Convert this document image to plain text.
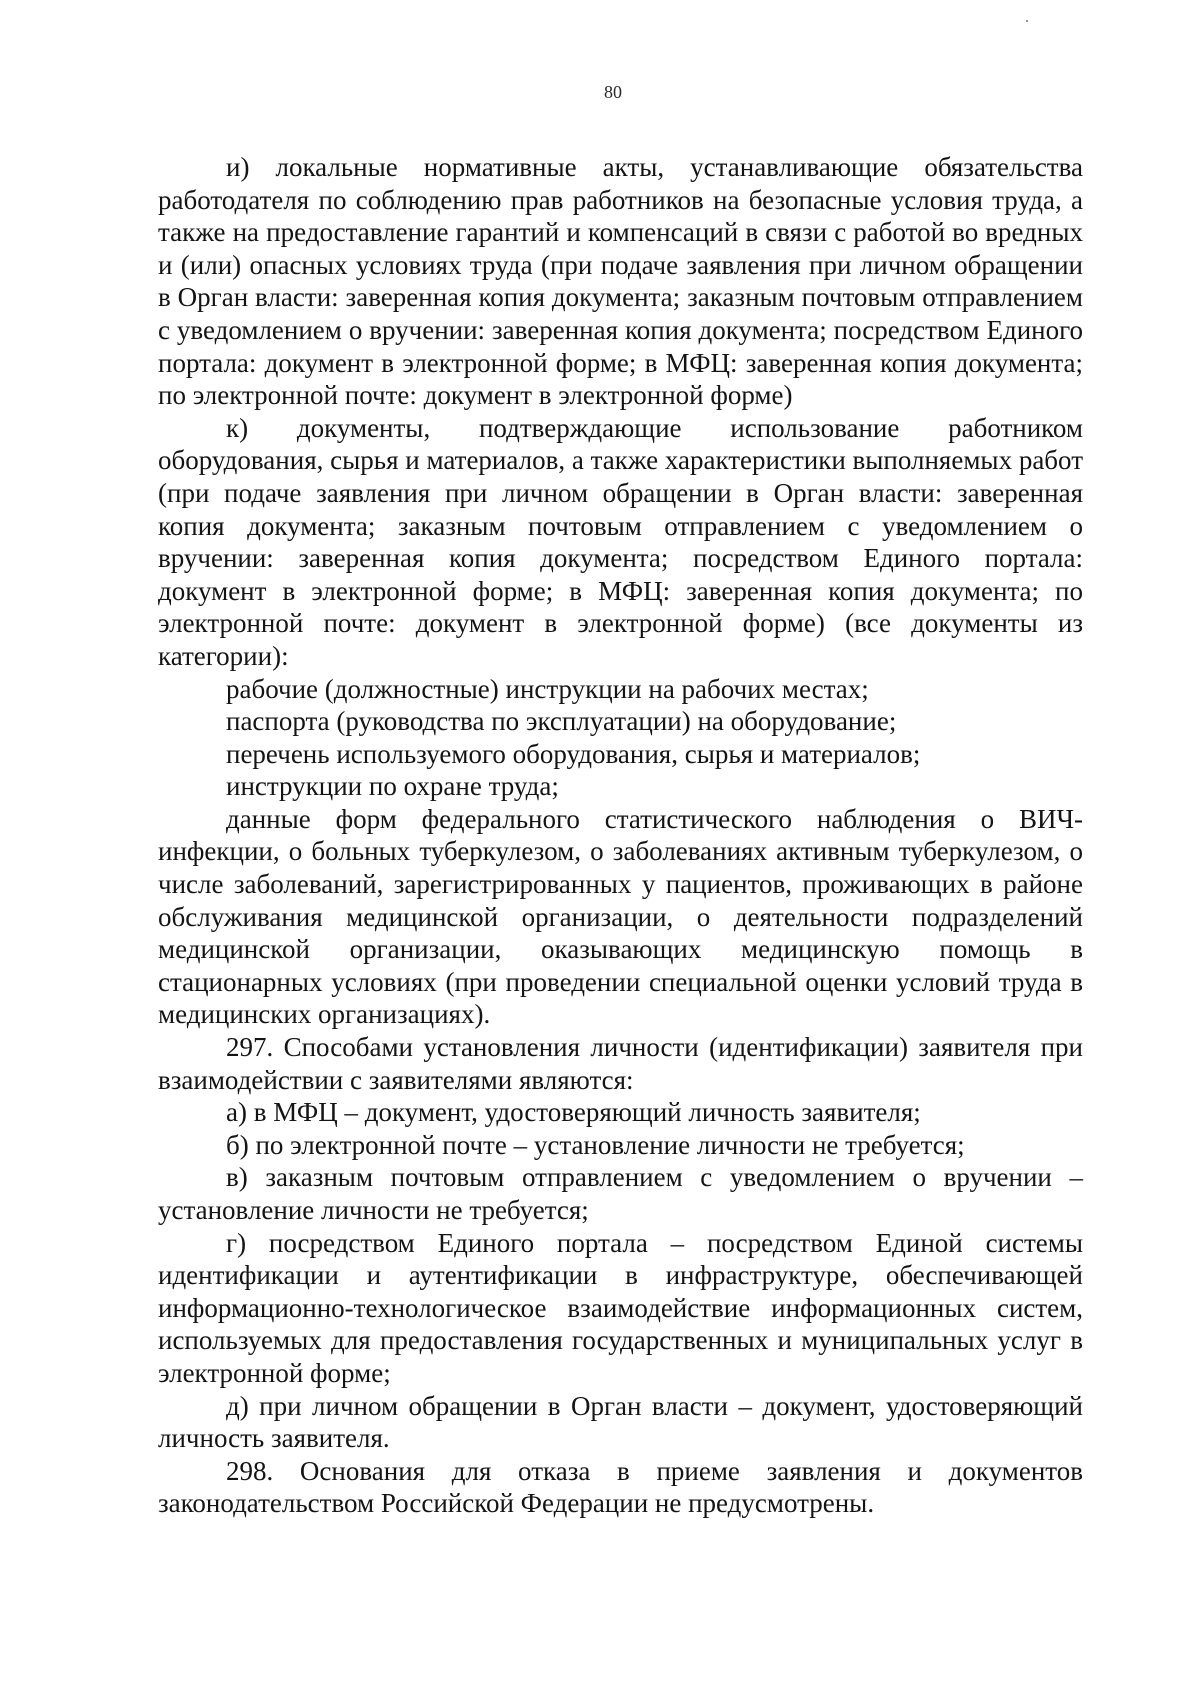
80

и) локальные нормативные акты, устанавливающие обязательства работодателя по соблюдению прав работников на безопасные условия труда, а также на предоставление гарантий и компенсаций в связи с работой во вредных и (или) опасных условиях труда (при подаче заявления при личном обращении в Орган власти: заверенная копия документа; заказным почтовым отправлением с уведомлением о вручении: заверенная копия документа; посредством Единого портала: документ в электронной форме; в МФЦ: заверенная копия документа; по электронной почте: документ в электронной форме)

к) документы, подтверждающие использование работником оборудования, сырья и материалов, а также характеристики выполняемых работ (при подаче заявления при личном обращении в Орган власти: заверенная копия документа; заказным почтовым отправлением с уведомлением о вручении: заверенная копия документа; посредством Единого портала: документ в электронной форме; в МФЦ: заверенная копия документа; по электронной почте: документ в электронной форме) (все документы из категории):

рабочие (должностные) инструкции на рабочих местах;

паспорта (руководства по эксплуатации) на оборудование;

перечень используемого оборудования, сырья и материалов;

инструкции по охране труда;

данные форм федерального статистического наблюдения о ВИЧ-инфекции, о больных туберкулезом, о заболеваниях активным туберкулезом, о числе заболеваний, зарегистрированных у пациентов, проживающих в районе обслуживания медицинской организации, о деятельности подразделений медицинской организации, оказывающих медицинскую помощь в стационарных условиях (при проведении специальной оценки условий труда в медицинских организациях).

297. Способами установления личности (идентификации) заявителя при взаимодействии с заявителями являются:

а) в МФЦ – документ, удостоверяющий личность заявителя;

б) по электронной почте – установление личности не требуется;

в) заказным почтовым отправлением с уведомлением о вручении – установление личности не требуется;

г) посредством Единого портала – посредством Единой системы идентификации и аутентификации в инфраструктуре, обеспечивающей информационно-технологическое взаимодействие информационных систем, используемых для предоставления государственных и муниципальных услуг в электронной форме;

д) при личном обращении в Орган власти – документ, удостоверяющий личность заявителя.

298. Основания для отказа в приеме заявления и документов законодательством Российской Федерации не предусмотрены.
